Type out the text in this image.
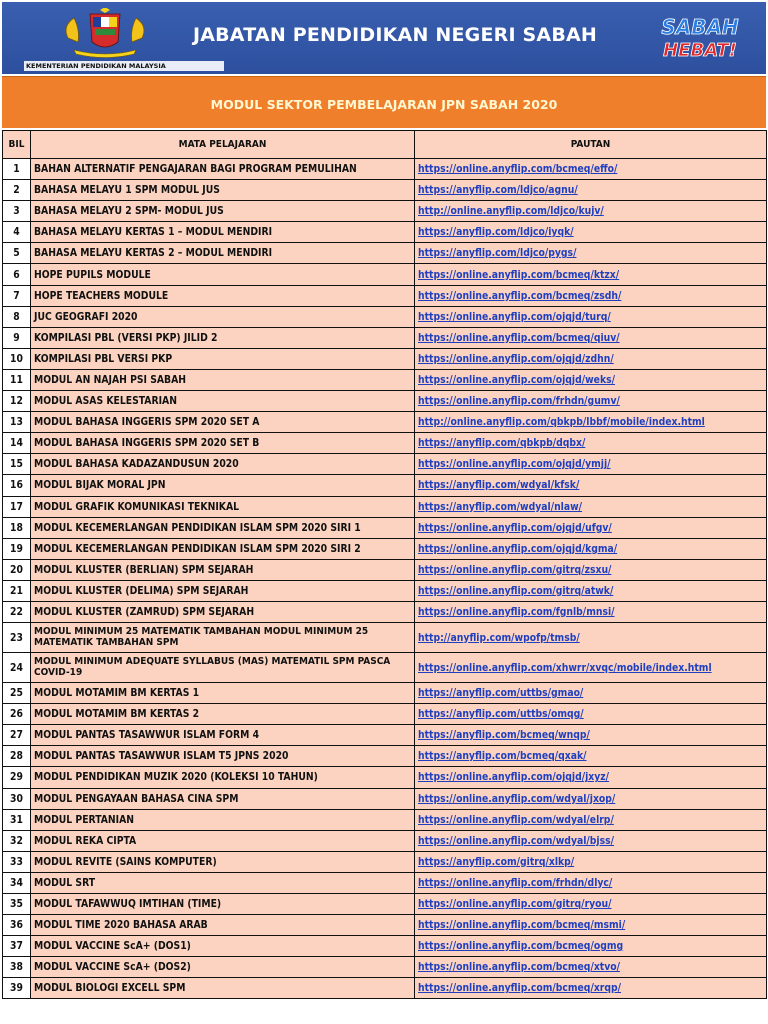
KEMENTERIAN PENDIDIKAN MALAYSIA
JABATAN PENDIDIKAN NEGERI SABAH	SABAH
HEBAT!
MODUL SEKTOR PEMBELAJARAN JPN SABAH 2020
BIL	MATA PELAJARAN	PAUTAN
1	BAHAN ALTERNATIF PENGAJARAN BAGI PROGRAM PEMULIHAN	https://online.anyflip.com/bcmeq/effo/
2	BAHASA MELAYU 1 SPM MODUL JUS	https://anyflip.com/ldjco/agnu/
3	BAHASA MELAYU 2 SPM- MODUL JUS	http://online.anyflip.com/ldjco/kujv/
4	BAHASA MELAYU KERTAS 1 – MODUL MENDIRI	https://anyflip.com/ldjco/iyqk/
5	BAHASA MELAYU KERTAS 2 – MODUL MENDIRI	https://anyflip.com/ldjco/pygs/
6	HOPE PUPILS MODULE	https://online.anyflip.com/bcmeq/ktzx/
7	HOPE TEACHERS MODULE	https://online.anyflip.com/bcmeq/zsdh/
8	JUC GEOGRAFI 2020	https://online.anyflip.com/ojqjd/turq/
9	KOMPILASI PBL (VERSI PKP) JILID 2	https://online.anyflip.com/bcmeq/qiuv/
10	KOMPILASI PBL VERSI PKP	https://online.anyflip.com/ojqjd/zdhn/
11	MODUL AN NAJAH PSI SABAH	https://online.anyflip.com/ojqjd/weks/
12	MODUL ASAS KELESTARIAN	https://online.anyflip.com/frhdn/gumv/
13	MODUL BAHASA INGGERIS SPM 2020 SET A	http://online.anyflip.com/qbkpb/lbbf/mobile/index.html
14	MODUL BAHASA INGGERIS SPM 2020 SET B	https://anyflip.com/qbkpb/dqbx/
15	MODUL BAHASA KADAZANDUSUN 2020	https://online.anyflip.com/ojqjd/ymjj/
16	MODUL BIJAK MORAL JPN	https://anyflip.com/wdyal/kfsk/
17	MODUL GRAFIK KOMUNIKASI TEKNIKAL	https://anyflip.com/wdyal/nlaw/
18	MODUL KECEMERLANGAN PENDIDIKAN ISLAM SPM 2020 SIRI 1	https://online.anyflip.com/ojqjd/ufgv/
19	MODUL KECEMERLANGAN PENDIDIKAN ISLAM SPM 2020 SIRI 2	https://online.anyflip.com/ojqjd/kgma/
20	MODUL KLUSTER (BERLIAN) SPM SEJARAH	https://online.anyflip.com/gitrq/zsxu/
21	MODUL KLUSTER (DELIMA) SPM SEJARAH	https://online.anyflip.com/gitrq/atwk/
22	MODUL KLUSTER (ZAMRUD) SPM SEJARAH	https://online.anyflip.com/fgnlb/mnsi/
23	MODUL MINIMUM 25 MATEMATIK TAMBAHAN MODUL MINIMUM 25 MATEMATIK TAMBAHAN SPM	http://anyflip.com/wpofp/tmsb/
24	MODUL MINIMUM ADEQUATE SYLLABUS (MAS) MATEMATIL SPM PASCA COVID-19	https://online.anyflip.com/xhwrr/xvqc/mobile/index.html
25	MODUL MOTAMIM BM KERTAS 1	https://anyflip.com/uttbs/gmao/
26	MODUL MOTAMIM BM KERTAS 2	https://anyflip.com/uttbs/omqg/
27	MODUL PANTAS TASAWWUR ISLAM FORM 4	https://anyflip.com/bcmeq/wnqp/
28	MODUL PANTAS TASAWWUR ISLAM T5 JPNS 2020	https://anyflip.com/bcmeq/qxak/
29	MODUL PENDIDIKAN MUZIK 2020 (KOLEKSI 10 TAHUN)	https://online.anyflip.com/ojqjd/jxyz/
30	MODUL PENGAYAAN BAHASA CINA SPM	https://online.anyflip.com/wdyal/jxop/
31	MODUL PERTANIAN	https://online.anyflip.com/wdyal/elrp/
32	MODUL REKA CIPTA	https://online.anyflip.com/wdyal/bjss/
33	MODUL REVITE (SAINS KOMPUTER)	https://anyflip.com/gitrq/xlkp/
34	MODUL SRT	https://online.anyflip.com/frhdn/dlyc/
35	MODUL TAFAWWUQ IMTIHAN (TIME)	https://online.anyflip.com/gitrq/ryou/
36	MODUL TIME 2020 BAHASA ARAB	https://online.anyflip.com/bcmeq/msmi/
37	MODUL VACCINE ScA+ (DOS1)	https://online.anyflip.com/bcmeq/ogmg
38	MODUL VACCINE ScA+ (DOS2)	https://online.anyflip.com/bcmeq/xtvo/
39	MODUL BIOLOGI EXCELL SPM	https://online.anyflip.com/bcmeq/xrqp/
